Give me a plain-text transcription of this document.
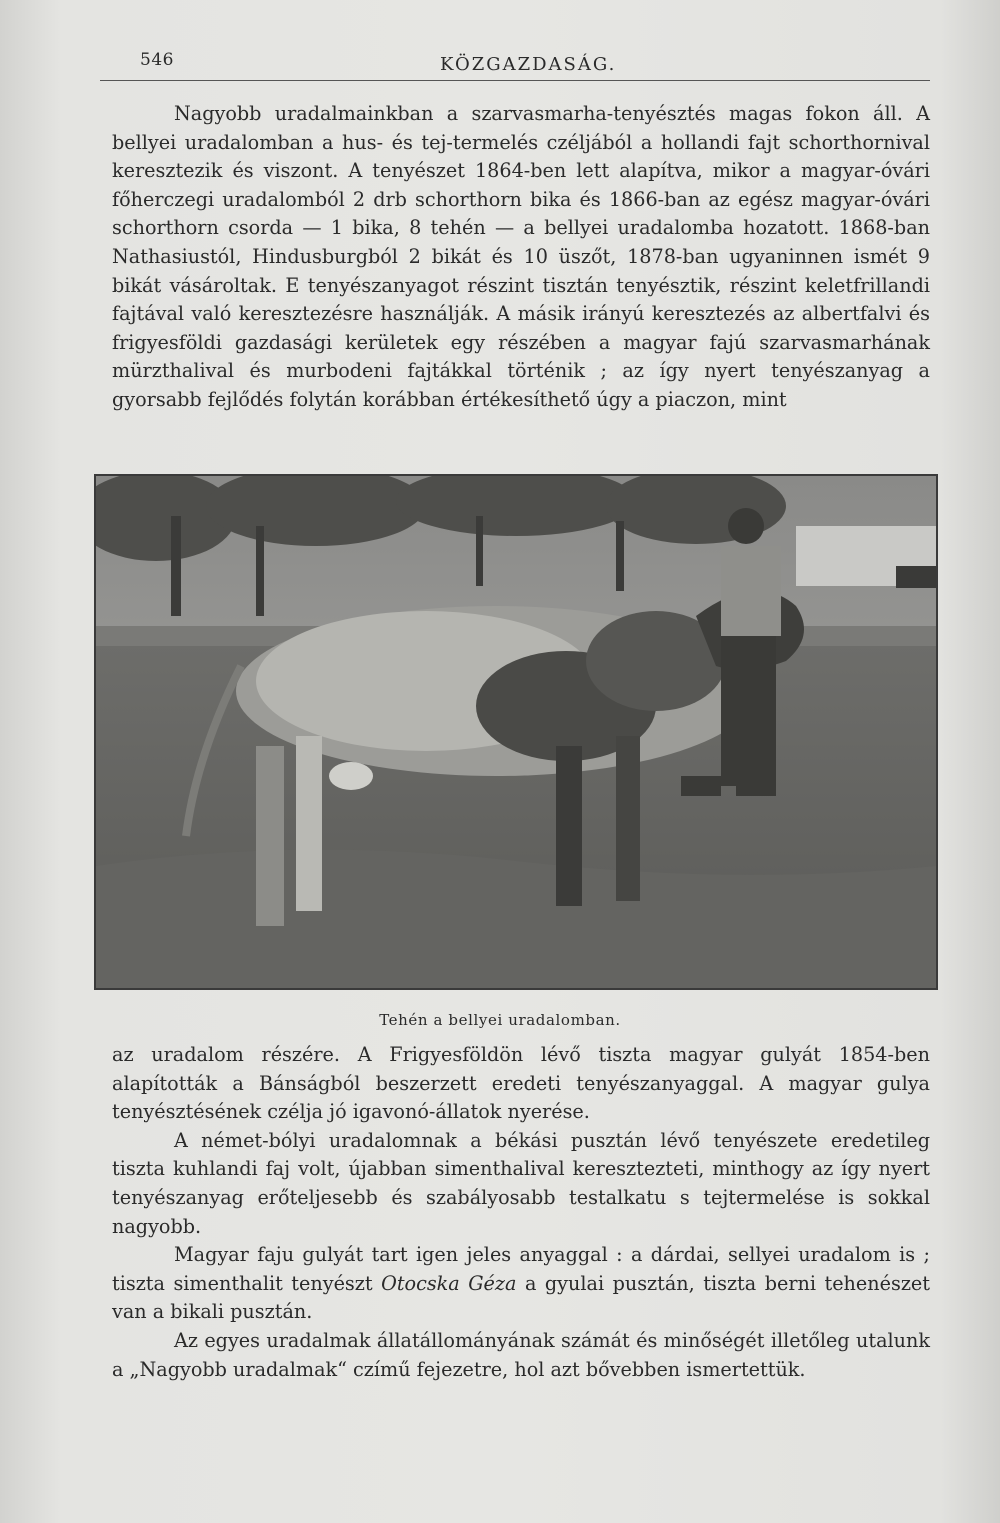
546	KÖZGAZDASÁG.

Nagyobb uradalmainkban a szarvasmarha-tenyésztés magas fokon áll. A bellyei uradalomban a hus- és tej-termelés czéljából a hollandi fajt schorthornival keresztezik és viszont. A tenyészet 1864-ben lett alapítva, mikor a magyar-óvári főherczegi uradalomból 2 drb schorthorn bika és 1866-ban az egész magyar-óvári schorthorn csorda — 1 bika, 8 tehén — a bellyei uradalomba hozatott. 1868-ban Nathasiustól, Hindusburgból 2 bikát és 10 üszőt, 1878-ban ugyaninnen ismét 9 bikát vásároltak. E tenyészanyagot részint tisztán tenyésztik, részint keletfrillandi fajtával való keresztezésre használják. A másik irányú keresztezés az albertfalvi és frigyesföldi gazdasági kerületek egy részében a magyar fajú szarvasmarhának mürzthalival és murbodeni fajtákkal történik ; az így nyert tenyészanyag a gyorsabb fejlődés folytán korábban értékesíthető úgy a piaczon, mint

Tehén a bellyei uradalomban.

az uradalom részére. A Frigyesföldön lévő tiszta magyar gulyát 1854-ben alapították a Bánságból beszerzett eredeti tenyészanyaggal. A magyar gulya tenyésztésének czélja jó igavonó-állatok nyerése.

A német-bólyi uradalomnak a békási pusztán lévő tenyészete eredetileg tiszta kuhlandi faj volt, újabban simenthalival keresztezteti, minthogy az így nyert tenyészanyag erőteljesebb és szabályosabb testalkatu s tejtermelése is sokkal nagyobb.

Magyar faju gulyát tart igen jeles anyaggal : a dárdai, sellyei uradalom is ; tiszta simenthalit tenyészt Otocska Géza a gyulai pusztán, tiszta berni tehenészet van a bikali pusztán.

Az egyes uradalmak állatállományának számát és minőségét illetőleg utalunk a „Nagyobb uradalmak“ czímű fejezetre, hol azt bővebben ismertettük.
